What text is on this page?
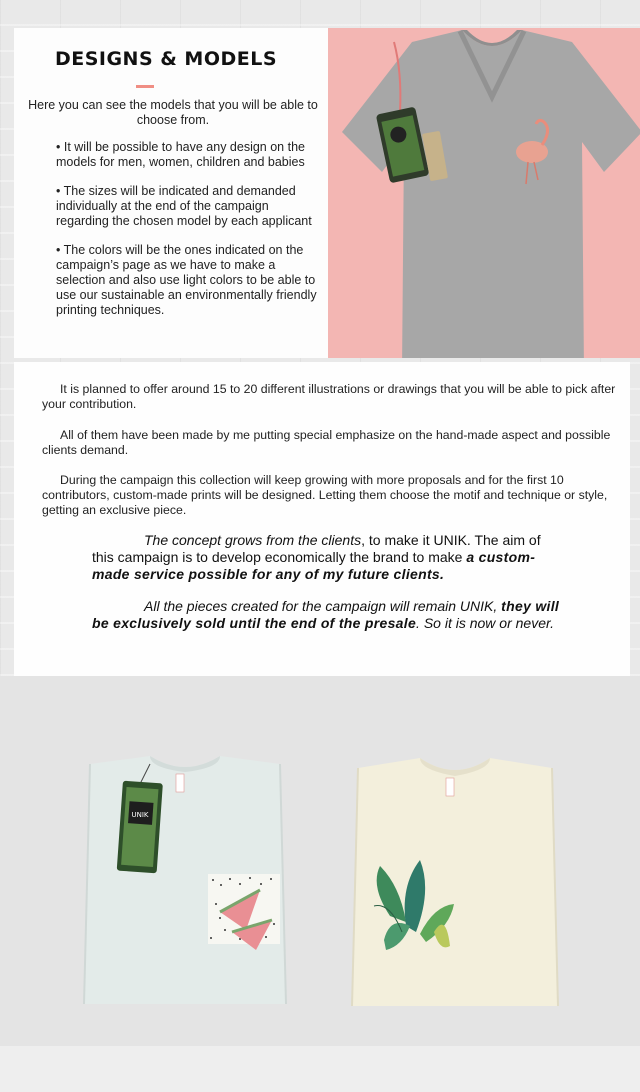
DESIGNS & MODELS
Here you can see the models that you will be able to choose from.
• It will be possible to have any design on the models for men, women, children and babies
• The sizes will be indicated and demanded individually at the end of the campaign regarding the chosen model by each applicant
• The colors will be the ones indicated on the campaign’s page as we have to make a selection and also use light colors to be able to use our sustainable an environmentally friendly printing techniques.

It is planned to offer around 15 to 20 different illustrations or drawings that you will be able to pick after your contribution.

All of them have been made by me putting special emphasize on the hand-made aspect and possible clients demand.

During the campaign this collection will keep growing with more proposals and for the first 10 contributors, custom-made prints will be designed. Letting them choose the motif and technique or style, getting an exclusive piece.

The concept grows from the clients, to make it UNIK. The aim of this campaign is to develop economically the brand to make a custom-made service possible for any of my future clients.

All the pieces created for the campaign will remain UNIK, they will be exclusively sold until the end of the presale. So it is now or never.

UNIK
